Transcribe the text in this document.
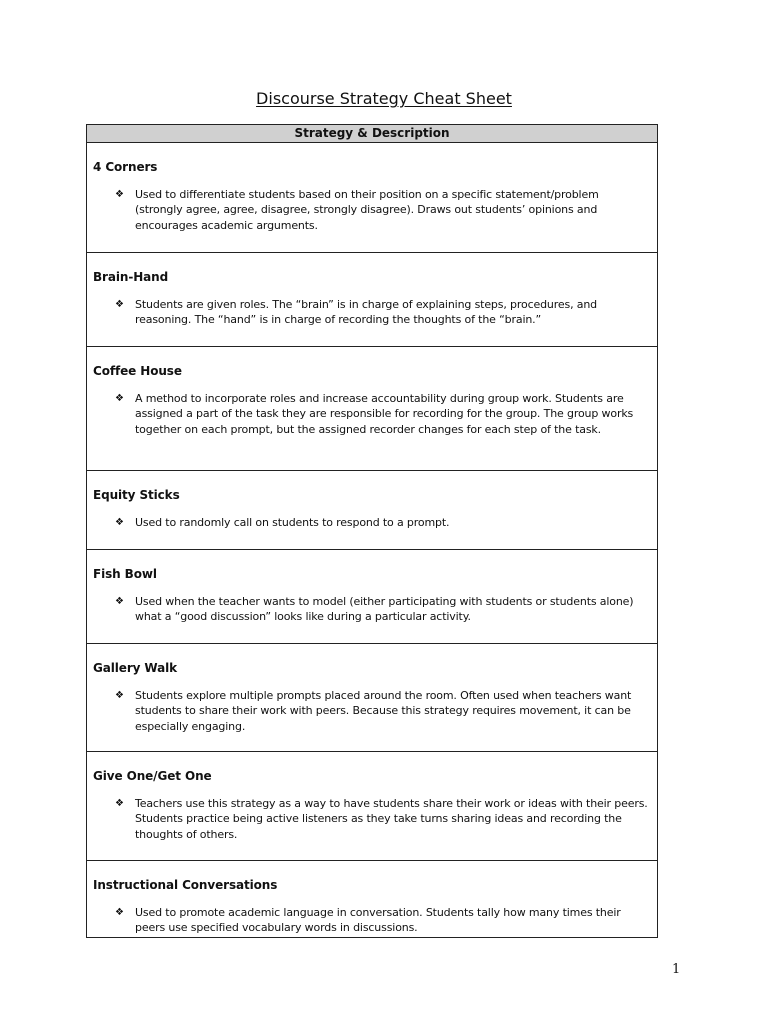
Discourse Strategy Cheat Sheet
Strategy & Description

4 Corners
❖	Used to differentiate students based on their position on a specific statement/problem (strongly agree, agree, disagree, strongly disagree). Draws out students’ opinions and encourages academic arguments.

Brain-Hand
❖	Students are given roles. The “brain” is in charge of explaining steps, procedures, and reasoning. The “hand” is in charge of recording the thoughts of the “brain.”

Coffee House
❖	A method to incorporate roles and increase accountability during group work. Students are assigned a part of the task they are responsible for recording for the group. The group works together on each prompt, but the assigned recorder changes for each step of the task.

Equity Sticks
❖	Used to randomly call on students to respond to a prompt.

Fish Bowl
❖	Used when the teacher wants to model (either participating with students or students alone) what a “good discussion” looks like during a particular activity.

Gallery Walk
❖	Students explore multiple prompts placed around the room. Often used when teachers want students to share their work with peers. Because this strategy requires movement, it can be especially engaging.

Give One/Get One
❖	Teachers use this strategy as a way to have students share their work or ideas with their peers. Students practice being active listeners as they take turns sharing ideas and recording the thoughts of others.

Instructional Conversations
❖	Used to promote academic language in conversation. Students tally how many times their peers use specified vocabulary words in discussions.
1
